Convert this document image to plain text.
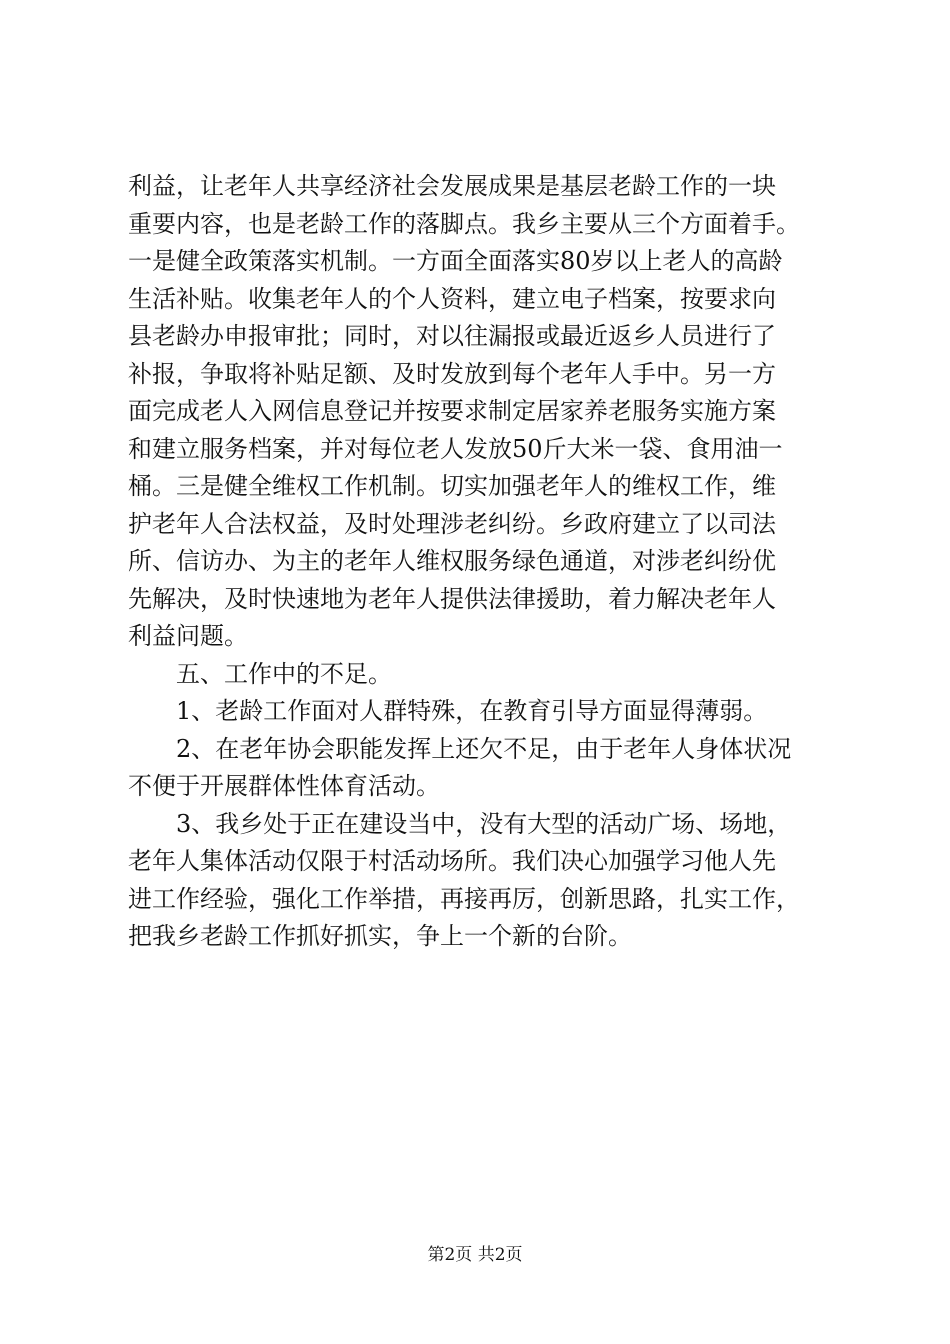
利益，让老年人共享经济社会发展成果是基层老龄工作的一块
重要内容，也是老龄工作的落脚点。我乡主要从三个方面着手。
一是健全政策落实机制。一方面全面落实80岁以上老人的高龄
生活补贴。收集老年人的个人资料，建立电子档案，按要求向
县老龄办申报审批；同时，对以往漏报或最近返乡人员进行了
补报，争取将补贴足额、及时发放到每个老年人手中。另一方
面完成老人入网信息登记并按要求制定居家养老服务实施方案
和建立服务档案，并对每位老人发放50斤大米一袋、食用油一
桶。三是健全维权工作机制。切实加强老年人的维权工作，维
护老年人合法权益，及时处理涉老纠纷。乡政府建立了以司法
所、信访办、为主的老年人维权服务绿色通道，对涉老纠纷优
先解决，及时快速地为老年人提供法律援助，着力解决老年人
利益问题。
五、工作中的不足。
1、老龄工作面对人群特殊，在教育引导方面显得薄弱。
2、在老年协会职能发挥上还欠不足，由于老年人身体状况
不便于开展群体性体育活动。
3、我乡处于正在建设当中，没有大型的活动广场、场地，
老年人集体活动仅限于村活动场所。我们决心加强学习他人先
进工作经验，强化工作举措，再接再厉，创新思路，扎实工作，
把我乡老龄工作抓好抓实，争上一个新的台阶。
第2页 共2页
